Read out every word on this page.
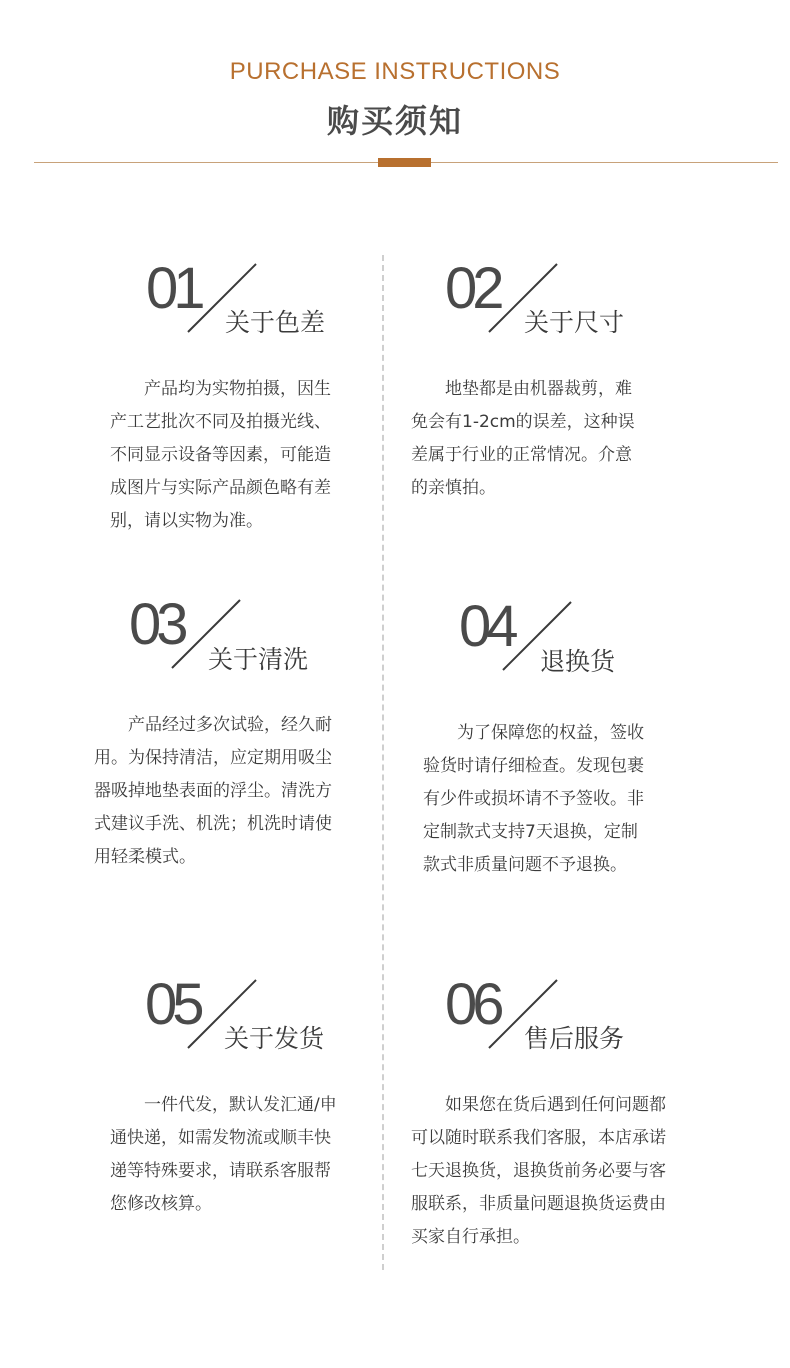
PURCHASE INSTRUCTIONS
购买须知
01
关于色差
　　产品均为实物拍摄，因生
产工艺批次不同及拍摄光线、
不同显示设备等因素，可能造
成图片与实际产品颜色略有差
别，请以实物为准。
02
关于尺寸
　　地垫都是由机器裁剪，难
免会有1-2cm的误差，这种误
差属于行业的正常情况。介意
的亲慎拍。
03
关于清洗
　　产品经过多次试验，经久耐
用。为保持清洁，应定期用吸尘
器吸掉地垫表面的浮尘。清洗方
式建议手洗、机洗；机洗时请使
用轻柔模式。
04
退换货
　　为了保障您的权益，签收
验货时请仔细检查。发现包裹
有少件或损坏请不予签收。非
定制款式支持7天退换，定制
款式非质量问题不予退换。
05
关于发货
　　一件代发，默认发汇通/申
通快递，如需发物流或顺丰快
递等特殊要求，请联系客服帮
您修改核算。
06
售后服务
　　如果您在货后遇到任何问题都
可以随时联系我们客服，本店承诺
七天退换货，退换货前务必要与客
服联系，非质量问题退换货运费由
买家自行承担。
